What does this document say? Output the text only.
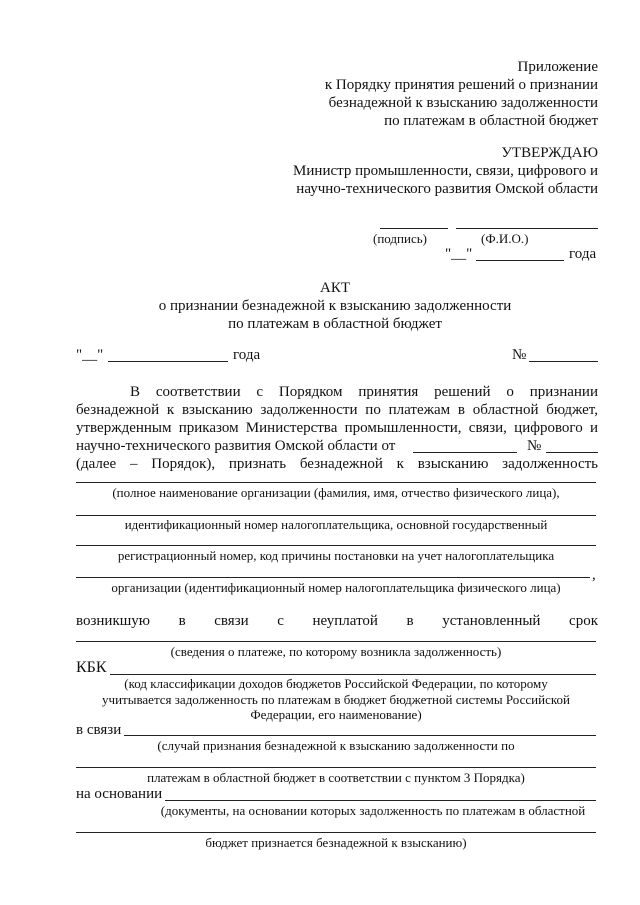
Приложение
к Порядку принятия решений о признании
безнадежной к взысканию задолженности
по платежам в областной бюджет
УТВЕРЖДАЮ
Министр промышленности, связи, цифрового и
научно-технического развития Омской области
(подпись)	(Ф.И.О.)
"__"	года
АКТ
о признании безнадежной к взысканию задолженности
по платежам в областной бюджет
"__"	года	№
В соответствии с Порядком принятия решений о признании
безнадежной к взысканию задолженности по платежам в областной бюджет,
утвержденным приказом Министерства промышленности, связи, цифрового и
научно-технического развития Омской области от	№
(далее – Порядок), признать безнадежной к взысканию задолженность
(полное наименование организации (фамилия, имя, отчество физического лица),
идентификационный номер налогоплательщика, основной государственный
регистрационный номер, код причины постановки на учет налогоплательщика
,
организации (идентификационный номер налогоплательщика физического лица)
возникшую в связи с неуплатой в установленный срок
(сведения о платеже, по которому возникла задолженность)
КБК
(код классификации доходов бюджетов Российской Федерации, по которому
учитывается задолженность по платежам в бюджет бюджетной системы Российской
Федерации, его наименование)
в связи
(случай признания безнадежной к взысканию задолженности по
платежам в областной бюджет в соответствии с пунктом 3 Порядка)
на основании
(документы, на основании которых задолженность по платежам в областной
бюджет признается безнадежной к взысканию)
